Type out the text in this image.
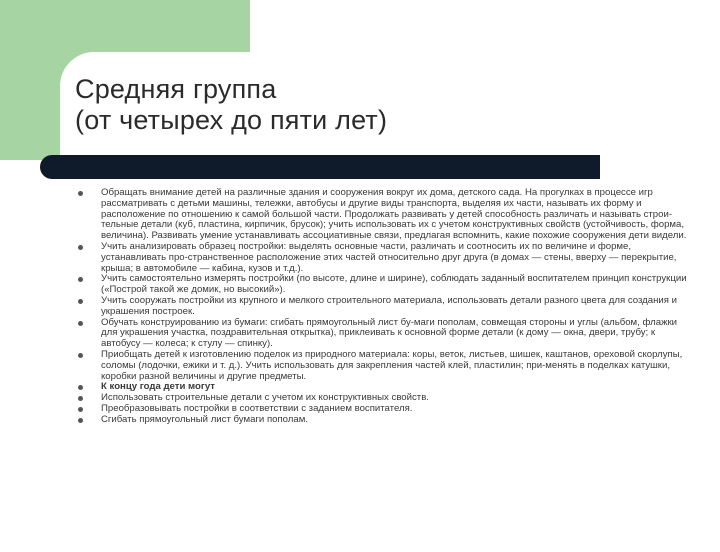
Средняя группа
(от четырех до пяти лет)
Обращать внимание детей на различные здания и сооружения вокруг их дома, детского сада. На прогулках в процессе игр рассматривать с детьми машины, тележки, автобусы и другие виды транспорта, выделяя их части, называть их форму и расположение по отношению к самой большой части. Продолжать развивать у детей способность различать и называть строи-тельные детали (куб, пластина, кирпичик, брусок); учить использовать их с учетом конструктивных свойств (устойчивость, форма, величина). Развивать умение устанавливать ассоциативные связи, предлагая вспомнить, какие похожие сооружения дети видели.
Учить анализировать образец постройки: выделять основные части, различать и соотносить их по величине и форме, устанавливать про-странственное расположение этих частей относительно друг друга (в домах — стены, вверху — перекрытие, крыша; в автомобиле — кабина, кузов и т.д.).
Учить самостоятельно измерять постройки (по высоте, длине и ширине), соблюдать заданный воспитателем принцип конструкции («Построй такой же домик, но высокий»).
Учить сооружать постройки из крупного и мелкого строительного материала, использовать детали разного цвета для создания и украшения построек.
Обучать конструированию из бумаги: сгибать прямоугольный лист бу-маги пополам, совмещая стороны и углы (альбом, флажки для украшения участка, поздравительная открытка), приклеивать к основной форме детали (к дому — окна, двери, трубу; к автобусу — колеса; к стулу — спинку).
Приобщать детей к изготовлению поделок из природного материала: коры, веток, листьев, шишек, каштанов, ореховой скорлупы, соломы (лодочки, ежики и т. д.). Учить использовать для закрепления частей клей, пластилин; при-менять в поделках катушки, коробки разной величины и другие предметы.
К концу года дети могут
Использовать строительные детали с учетом их конструктивных свойств.
Преобразовывать постройки в соответствии с заданием воспитателя.
Сгибать прямоугольный лист бумаги пополам.
